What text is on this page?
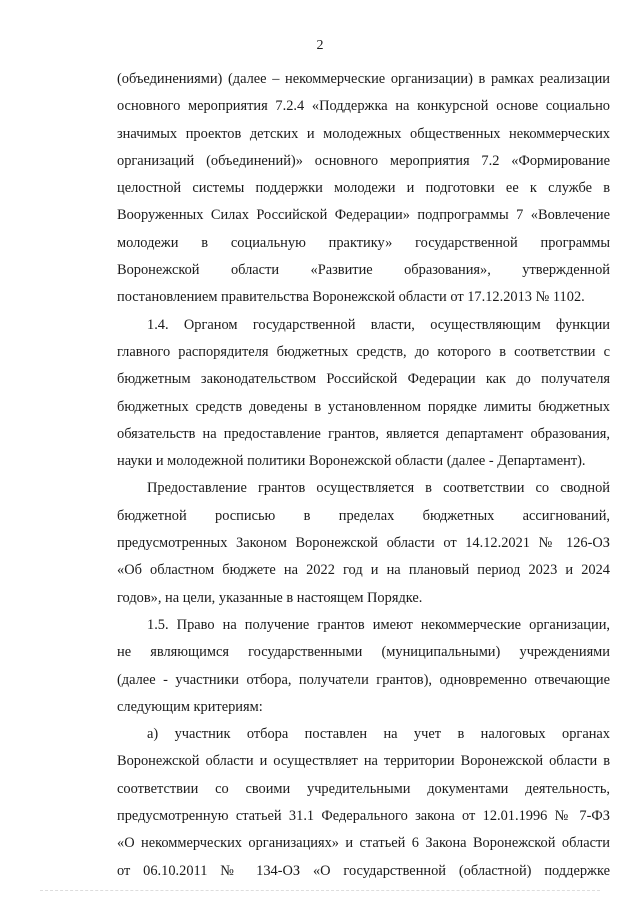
2
(объединениями) (далее – некоммерческие организации) в рамках реализации
основного мероприятия 7.2.4 «Поддержка на конкурсной основе социально
значимых проектов детских и молодежных общественных некоммерческих
организаций (объединений)» основного мероприятия 7.2 «Формирование
целостной системы поддержки молодежи и подготовки ее к службе в
Вооруженных Силах Российской Федерации» подпрограммы 7 «Вовлечение
молодежи в социальную практику» государственной программы
Воронежской области «Развитие образования», утвержденной
постановлением правительства Воронежской области от 17.12.2013 № 1102.
1.4. Органом государственной власти, осуществляющим функции
главного распорядителя бюджетных средств, до которого в соответствии с
бюджетным законодательством Российской Федерации как до получателя
бюджетных средств доведены в установленном порядке лимиты бюджетных
обязательств на предоставление грантов, является департамент образования,
науки и молодежной политики Воронежской области (далее - Департамент).
Предоставление грантов осуществляется в соответствии со сводной
бюджетной росписью в пределах бюджетных ассигнований,
предусмотренных Законом Воронежской области от 14.12.2021 № 126-ОЗ
«Об областном бюджете на 2022 год и на плановый период 2023 и 2024
годов», на цели, указанные в настоящем Порядке.
1.5. Право на получение грантов имеют некоммерческие организации,
не являющимся государственными (муниципальными) учреждениями
(далее - участники отбора, получатели грантов), одновременно отвечающие
следующим критериям:
а) участник отбора поставлен на учет в налоговых органах
Воронежской области и осуществляет на территории Воронежской области в
соответствии со своими учредительными документами деятельность,
предусмотренную статьей 31.1 Федерального закона от 12.01.1996 № 7-ФЗ
«О некоммерческих организациях» и статьей 6 Закона Воронежской области
от 06.10.2011 № 134-ОЗ «О государственной (областной) поддержке
